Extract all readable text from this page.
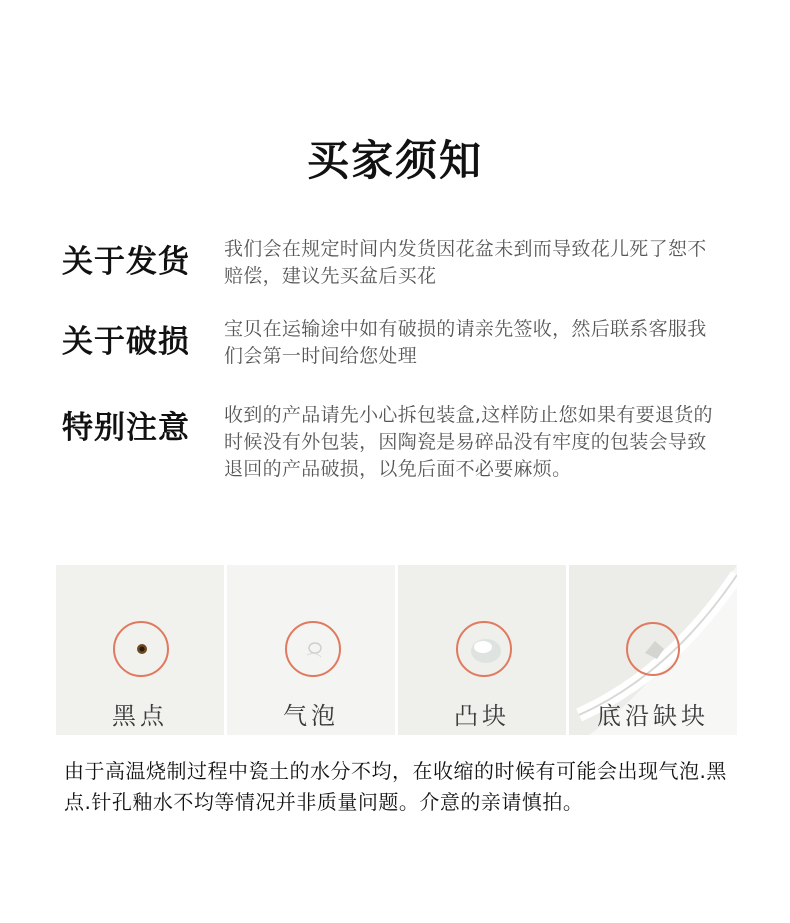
买家须知
关于发货 我们会在规定时间内发货因花盆未到而导致花儿死了恕不赔偿，建议先买盆后买花
关于破损 宝贝在运输途中如有破损的请亲先签收，然后联系客服我们会第一时间给您处理
特别注意 收到的产品请先小心拆包装盒,这样防止您如果有要退货的时候没有外包装，因陶瓷是易碎品没有牢度的包装会导致退回的产品破损，以免后面不必要麻烦。
黑点	气泡	凸块	底沿缺块
由于高温烧制过程中瓷土的水分不均，在收缩的时候有可能会出现气泡.黑点.针孔釉水不均等情况并非质量问题。介意的亲请慎拍。
